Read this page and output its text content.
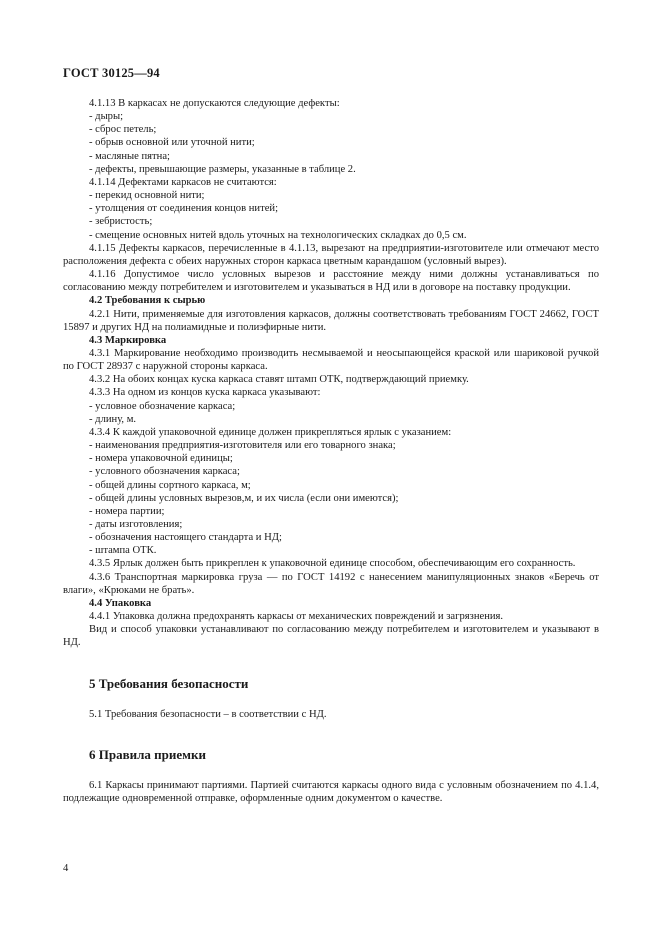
ГОСТ 30125—94
4.1.13 В каркасах не допускаются следующие дефекты:
- дыры;
- сброс петель;
- обрыв основной или уточной нити;
- масляные пятна;
- дефекты, превышающие размеры, указанные в таблице 2.
4.1.14 Дефектами каркасов не считаются:
- перекид основной нити;
- утолщения от соединения концов нитей;
- зебристость;
- смещение основных нитей вдоль уточных на технологических складках до 0,5 см.
4.1.15 Дефекты каркасов, перечисленные в 4.1.13, вырезают на предприятии-изготовителе или отмечают место расположения дефекта с обеих наружных сторон каркаса цветным карандашом (условный вырез).
4.1.16 Допустимое число условных вырезов и расстояние между ними должны устанавливаться по согласованию между потребителем и изготовителем и указываться в НД или в договоре на поставку продукции.
4.2 Требования к сырью
4.2.1 Нити, применяемые для изготовления каркасов, должны соответствовать требованиям ГОСТ 24662, ГОСТ 15897 и других НД на полиамидные и полиэфирные нити.
4.3 Маркировка
4.3.1 Маркирование необходимо производить несмываемой и неосыпающейся краской или шариковой ручкой по ГОСТ 28937 с наружной стороны каркаса.
4.3.2 На обоих концах куска каркаса ставят штамп ОТК, подтверждающий приемку.
4.3.3 На одном из концов куска каркаса указывают:
- условное обозначение каркаса;
- длину, м.
4.3.4 К каждой упаковочной единице должен прикрепляться ярлык с указанием:
- наименования предприятия-изготовителя или его товарного знака;
- номера упаковочной единицы;
- условного обозначения каркаса;
- общей длины сортного каркаса, м;
- общей длины условных вырезов,м, и их числа (если они имеются);
- номера партии;
- даты изготовления;
- обозначения настоящего стандарта и НД;
- штампа ОТК.
4.3.5 Ярлык должен быть прикреплен к упаковочной единице способом, обеспечивающим его сохранность.
4.3.6 Транспортная маркировка груза — по ГОСТ 14192 с нанесением манипуляционных знаков «Беречь от влаги», «Крюками не брать».
4.4 Упаковка
4.4.1 Упаковка должна предохранять каркасы от механических повреждений и загрязнения.
Вид и способ упаковки устанавливают по согласованию между потребителем и изготовителем и указывают в НД.
5 Требования безопасности
5.1 Требования безопасности – в соответствии с НД.
6 Правила приемки
6.1 Каркасы принимают партиями. Партией считаются каркасы одного вида с условным обозначением по 4.1.4, подлежащие одновременной отправке, оформленные одним документом о качестве.
4
